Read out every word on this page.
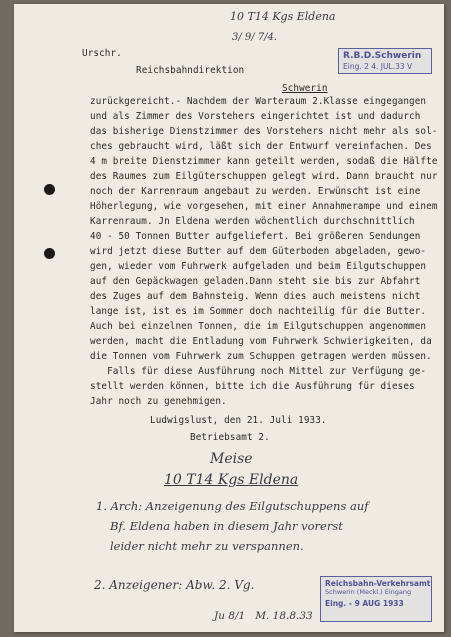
10 T14 Kgs Eldena
3/ 9/ 7/4.
R.B.D.Schwerin
Eing. 2 4. JUL.33 V
Urschr.
Reichsbahndirektion
Schwerin
zurückgereicht.- Nachdem der Warteraum 2.Klasse eingegangen
und als Zimmer des Vorstehers eingerichtet ist und dadurch
das bisherige Dienstzimmer des Vorstehers nicht mehr als sol-
ches gebraucht wird, läßt sich der Entwurf vereinfachen. Des
4 m breite Dienstzimmer kann geteilt werden, sodaß die Hälfte
des Raumes zum Eilgüterschuppen gelegt wird. Dann braucht nur
noch der Karrenraum angebaut zu werden. Erwünscht ist eine
Höherlegung, wie vorgesehen, mit einer Annahmerampe und einem
Karrenraum. Jn Eldena werden wöchentlich durchschnittlich
40 - 50 Tonnen Butter aufgeliefert. Bei größeren Sendungen
wird jetzt diese Butter auf dem Güterboden abgeladen, gewo-
gen, wieder vom Fuhrwerk aufgeladen und beim Eilgutschuppen
auf den Gepäckwagen geladen.Dann steht sie bis zur Abfahrt
des Zuges auf dem Bahnsteig. Wenn dies auch meistens nicht
lange ist, ist es im Sommer doch nachteilig für die Butter.
Auch bei einzelnen Tonnen, die im Eilgutschuppen angenommen
werden, macht die Entladung vom Fuhrwerk Schwierigkeiten, da
die Tonnen vom Fuhrwerk zum Schuppen getragen werden müssen.
Falls für diese Ausführung noch Mittel zur Verfügung ge-
stellt werden können, bitte ich die Ausführung für dieses
Jahr noch zu genehmigen.
Ludwigslust, den 21. Juli 1933.
Betriebsamt 2.
Meise
10 T14 Kgs Eldena
1. Arch: Anzeigenung des Eilgutschuppens auf
Bf. Eldena haben in diesem Jahr vorerst
leider nicht mehr zu verspannen.
2. Anzeigener: Abw. 2. Vg.
Ju 8/1   M. 18.8.33
Reichsbahn-Verkehrsamt
Schwerin (Meckl.) Eingang
Eing. - 9 AUG 1933
